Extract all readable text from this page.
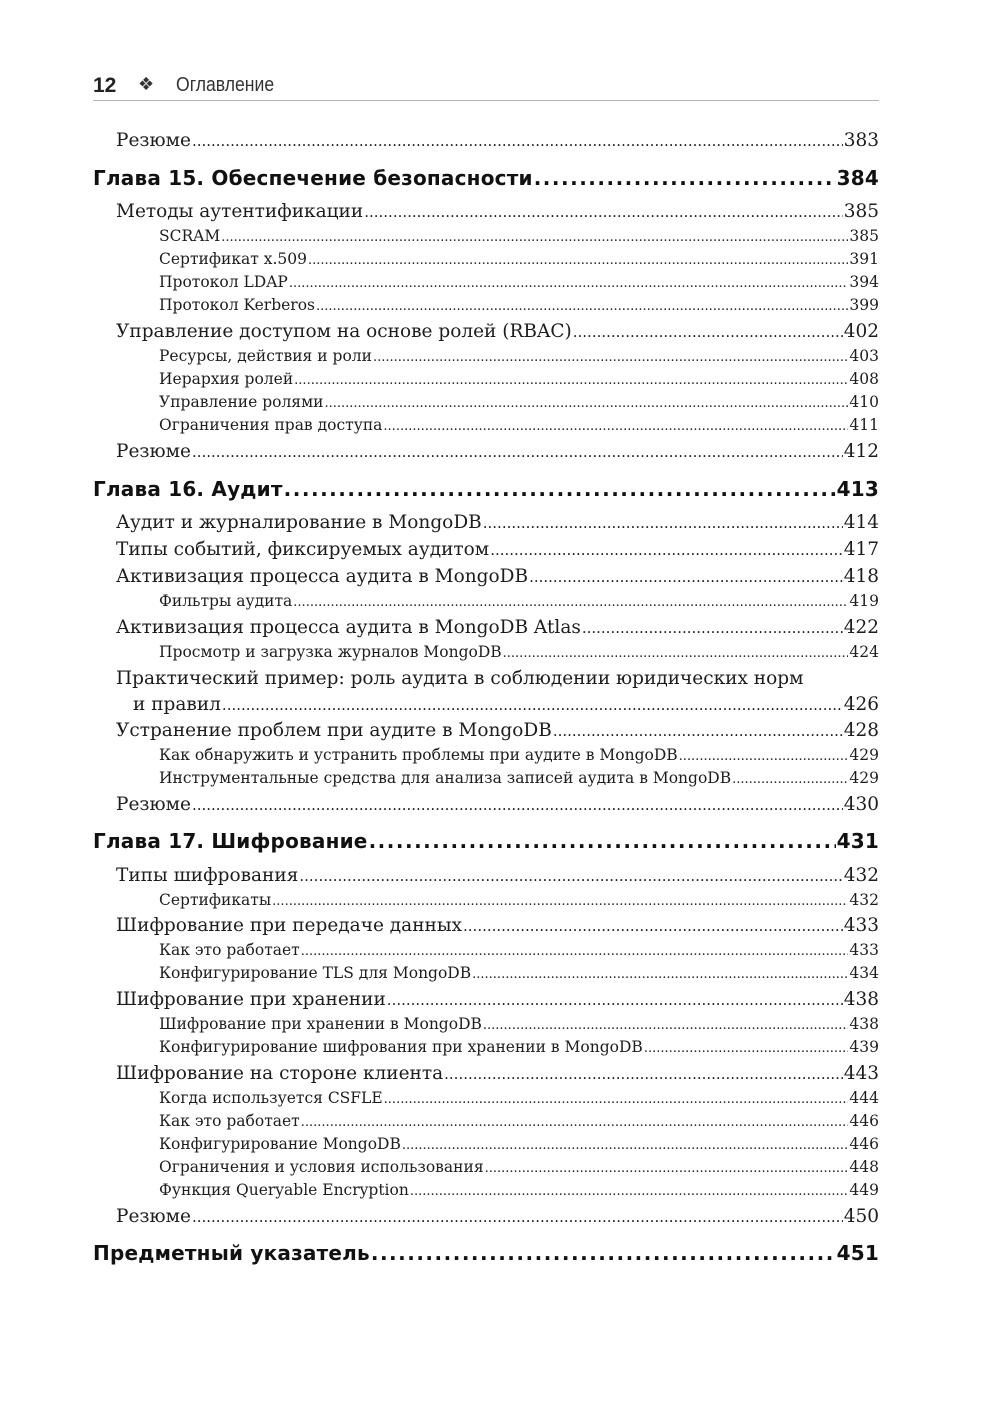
12 ❖ Оглавление
Резюме .....	383
Глава 15. Обеспечение безопасности .....	384
Методы аутентификации .....	385
SCRAM .....	385
Сертификат x.509 .....	391
Протокол LDAP .....	394
Протокол Kerberos .....	399
Управление доступом на основе ролей (RBAC) .....	402
Ресурсы, действия и роли .....	403
Иерархия ролей .....	408
Управление ролями .....	410
Ограничения прав доступа .....	411
Резюме .....	412
Глава 16. Аудит .....	413
Аудит и журналирование в MongoDB .....	414
Типы событий, фиксируемых аудитом .....	417
Активизация процесса аудита в MongoDB .....	418
Фильтры аудита .....	419
Активизация процесса аудита в MongoDB Atlas .....	422
Просмотр и загрузка журналов MongoDB .....	424
Практический пример: роль аудита в соблюдении юридических норм
и правил .....	426
Устранение проблем при аудите в MongoDB .....	428
Как обнаружить и устранить проблемы при аудите в MongoDB .....	429
Инструментальные средства для анализа записей аудита в MongoDB .....	429
Резюме .....	430
Глава 17. Шифрование .....	431
Типы шифрования .....	432
Сертификаты .....	432
Шифрование при передаче данных .....	433
Как это работает .....	433
Конфигурирование TLS для MongoDB .....	434
Шифрование при хранении .....	438
Шифрование при хранении в MongoDB .....	438
Конфигурирование шифрования при хранении в MongoDB .....	439
Шифрование на стороне клиента .....	443
Когда используется CSFLE .....	444
Как это работает .....	446
Конфигурирование MongoDB .....	446
Ограничения и условия использования .....	448
Функция Queryable Encryption .....	449
Резюме .....	450
Предметный указатель .....	451
